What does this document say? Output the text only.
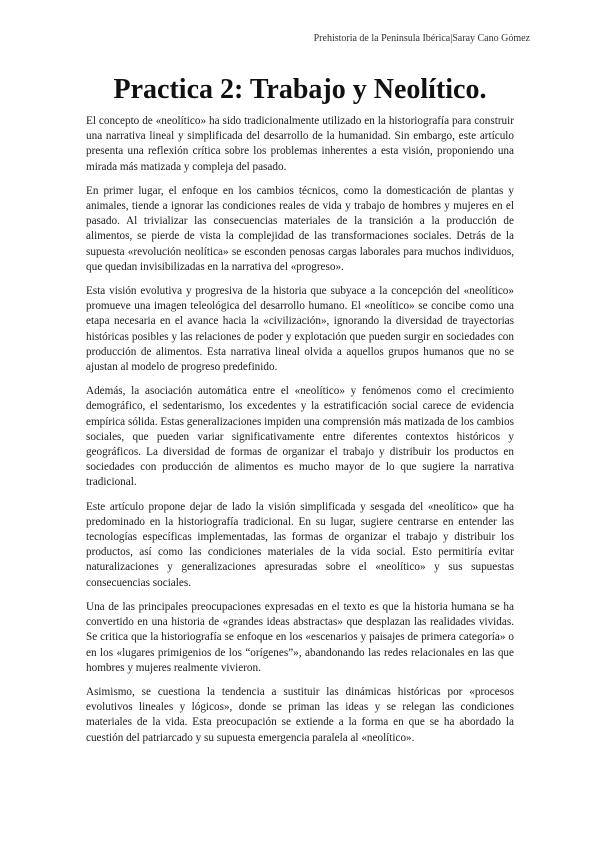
Prehistoria de la Península Ibérica|Saray Cano Gómez
Practica 2: Trabajo y Neolítico.

El concepto de «neolítico» ha sido tradicionalmente utilizado en la historiografía para construir una narrativa lineal y simplificada del desarrollo de la humanidad. Sin embargo, este artículo presenta una reflexión crítica sobre los problemas inherentes a esta visión, proponiendo una mirada más matizada y compleja del pasado.

En primer lugar, el enfoque en los cambios técnicos, como la domesticación de plantas y animales, tiende a ignorar las condiciones reales de vida y trabajo de hombres y mujeres en el pasado. Al trivializar las consecuencias materiales de la transición a la producción de alimentos, se pierde de vista la complejidad de las transformaciones sociales. Detrás de la supuesta «revolución neolítica» se esconden penosas cargas laborales para muchos individuos, que quedan invisibilizadas en la narrativa del «progreso».

Esta visión evolutiva y progresiva de la historia que subyace a la concepción del «neolítico» promueve una imagen teleológica del desarrollo humano. El «neolítico» se concibe como una etapa necesaria en el avance hacia la «civilización», ignorando la diversidad de trayectorias históricas posibles y las relaciones de poder y explotación que pueden surgir en sociedades con producción de alimentos. Esta narrativa lineal olvida a aquellos grupos humanos que no se ajustan al modelo de progreso predefinido.

Además, la asociación automática entre el «neolítico» y fenómenos como el crecimiento demográfico, el sedentarismo, los excedentes y la estratificación social carece de evidencia empírica sólida. Estas generalizaciones impiden una comprensión más matizada de los cambios sociales, que pueden variar significativamente entre diferentes contextos históricos y geográficos. La diversidad de formas de organizar el trabajo y distribuir los productos en sociedades con producción de alimentos es mucho mayor de lo que sugiere la narrativa tradicional.

Este artículo propone dejar de lado la visión simplificada y sesgada del «neolítico» que ha predominado en la historiografía tradicional. En su lugar, sugiere centrarse en entender las tecnologías específicas implementadas, las formas de organizar el trabajo y distribuir los productos, así como las condiciones materiales de la vida social. Esto permitiría evitar naturalizaciones y generalizaciones apresuradas sobre el «neolítico» y sus supuestas consecuencias sociales.

Una de las principales preocupaciones expresadas en el texto es que la historia humana se ha convertido en una historia de «grandes ideas abstractas» que desplazan las realidades vividas. Se critica que la historiografía se enfoque en los «escenarios y paisajes de primera categoría» o en los «lugares primigenios de los “orígenes”», abandonando las redes relacionales en las que hombres y mujeres realmente vivieron.

Asimismo, se cuestiona la tendencia a sustituir las dinámicas históricas por «procesos evolutivos lineales y lógicos», donde se priman las ideas y se relegan las condiciones materiales de la vida. Esta preocupación se extiende a la forma en que se ha abordado la cuestión del patriarcado y su supuesta emergencia paralela al «neolítico».
